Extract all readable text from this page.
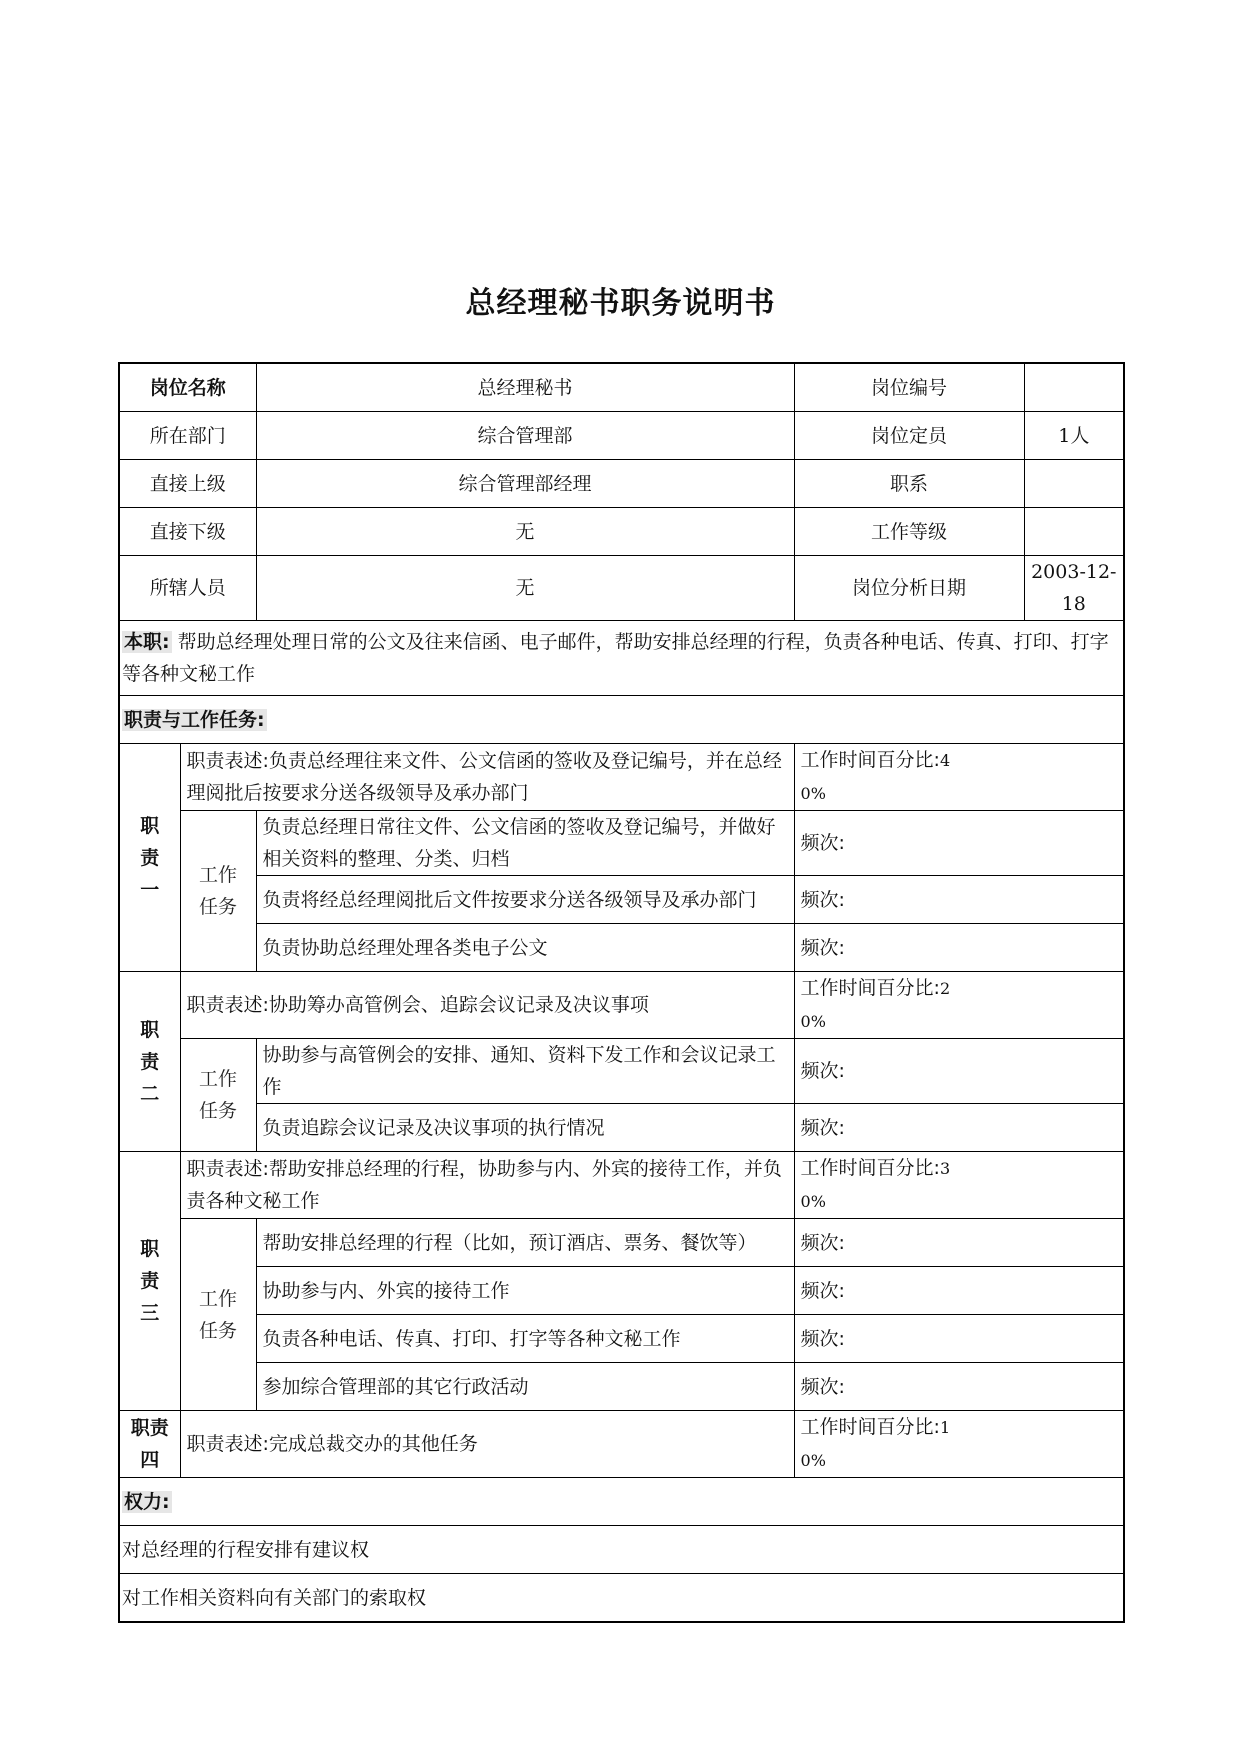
总经理秘书职务说明书
岗位名称		总经理秘书	岗位编号	
所在部门		综合管理部	岗位定员	1人
直接上级		综合管理部经理	职系	
直接下级		无	工作等级	
所辖人员		无	岗位分析日期	2003-12-18
本职: 帮助总经理处理日常的公文及往来信函、电子邮件，帮助安排总经理的行程，负责各种电话、传真、打印、打字等各种文秘工作				
职责与工作任务:				
职责一	职责表述:负责总经理往来文件、公文信函的签收及登记编号，并在总经理阅批后按要求分送各级领导及承办部门		工作时间百分比:4
0%	
	工作任务	负责总经理日常往文件、公文信函的签收及登记编号，并做好相关资料的整理、分类、归档	频次:	
		负责将经总经理阅批后文件按要求分送各级领导及承办部门	频次:	
		负责协助总经理处理各类电子公文	频次:	
职责二	职责表述:协助筹办高管例会、追踪会议记录及决议事项		工作时间百分比:2
0%	
	工作任务	协助参与高管例会的安排、通知、资料下发工作和会议记录工作	频次:	
		负责追踪会议记录及决议事项的执行情况	频次:	
职责三	职责表述:帮助安排总经理的行程，协助参与内、外宾的接待工作，并负责各种文秘工作		工作时间百分比:3
0%	
	工作任务	帮助安排总经理的行程（比如，预订酒店、票务、餐饮等）	频次:	
		协助参与内、外宾的接待工作	频次:	
		负责各种电话、传真、打印、打字等各种文秘工作	频次:	
		参加综合管理部的其它行政活动	频次:	
职责
四	职责表述:完成总裁交办的其他任务		工作时间百分比:1
0%	
权力:				
对总经理的行程安排有建议权				
对工作相关资料向有关部门的索取权				
